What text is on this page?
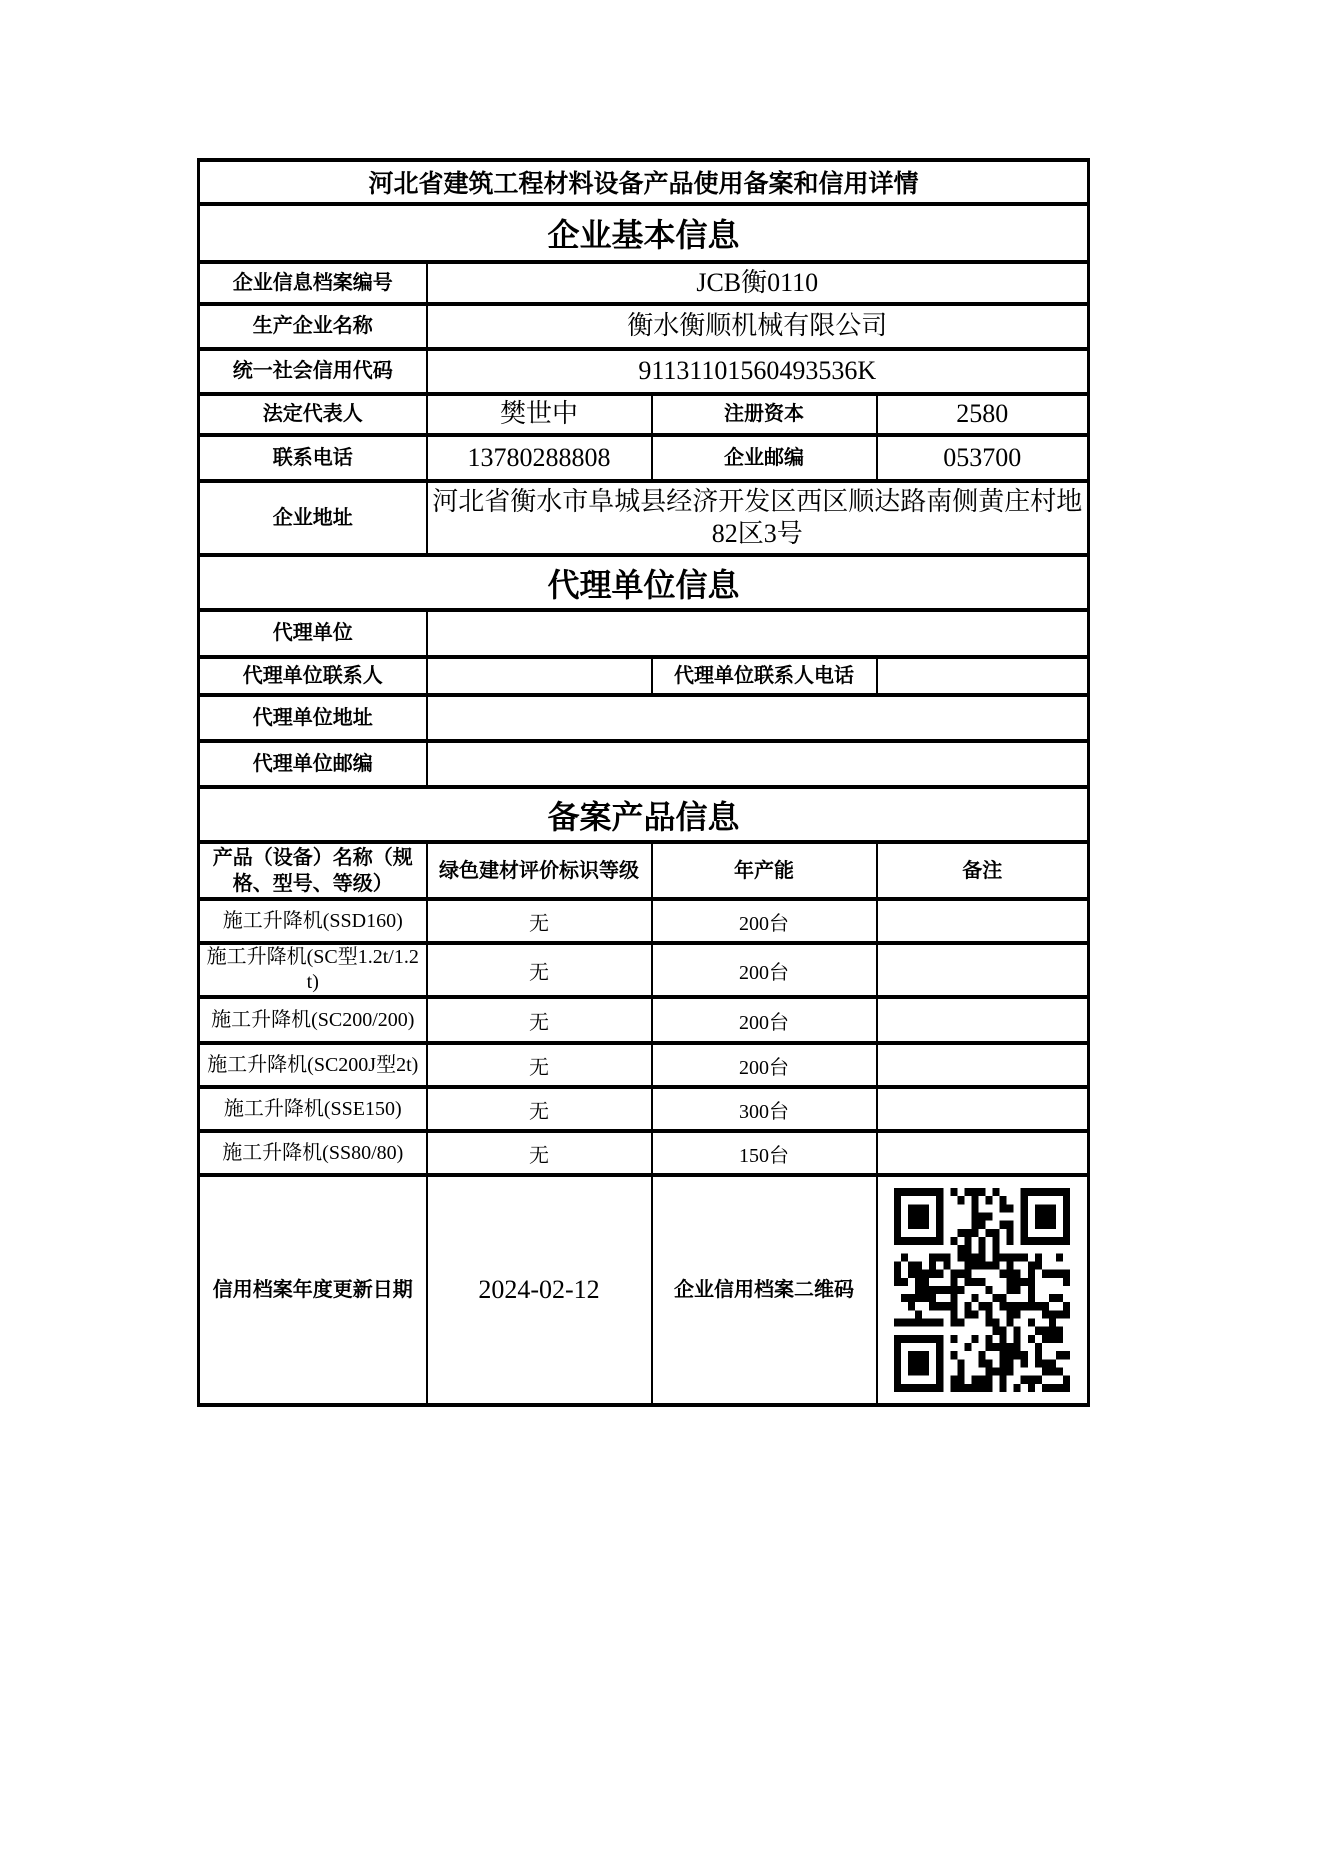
河北省建筑工程材料设备产品使用备案和信用详情			
企业基本信息			
企业信息档案编号	JCB衡0110		
生产企业名称	衡水衡顺机械有限公司		
统一社会信用代码	91131101560493536K		
法定代表人	樊世中	注册资本	2580
联系电话	13780288808	企业邮编	053700
企业地址	河北省衡水市阜城县经济开发区西区顺达路南侧黄庄村地82区3号		
代理单位信息			
代理单位			
代理单位联系人		代理单位联系人电话	
代理单位地址			
代理单位邮编			
备案产品信息			
产品（设备）名称（规格、型号、等级）	绿色建材评价标识等级	年产能	备注
施工升降机(SSD160)	无	200台	
施工升降机(SC型1.2t/1.2t)	无	200台	
施工升降机(SC200/200)	无	200台	
施工升降机(SC200J型2t)	无	200台	
施工升降机(SSE150)	无	300台	
施工升降机(SS80/80)	无	150台	
信用档案年度更新日期	2024-02-12	企业信用档案二维码	
